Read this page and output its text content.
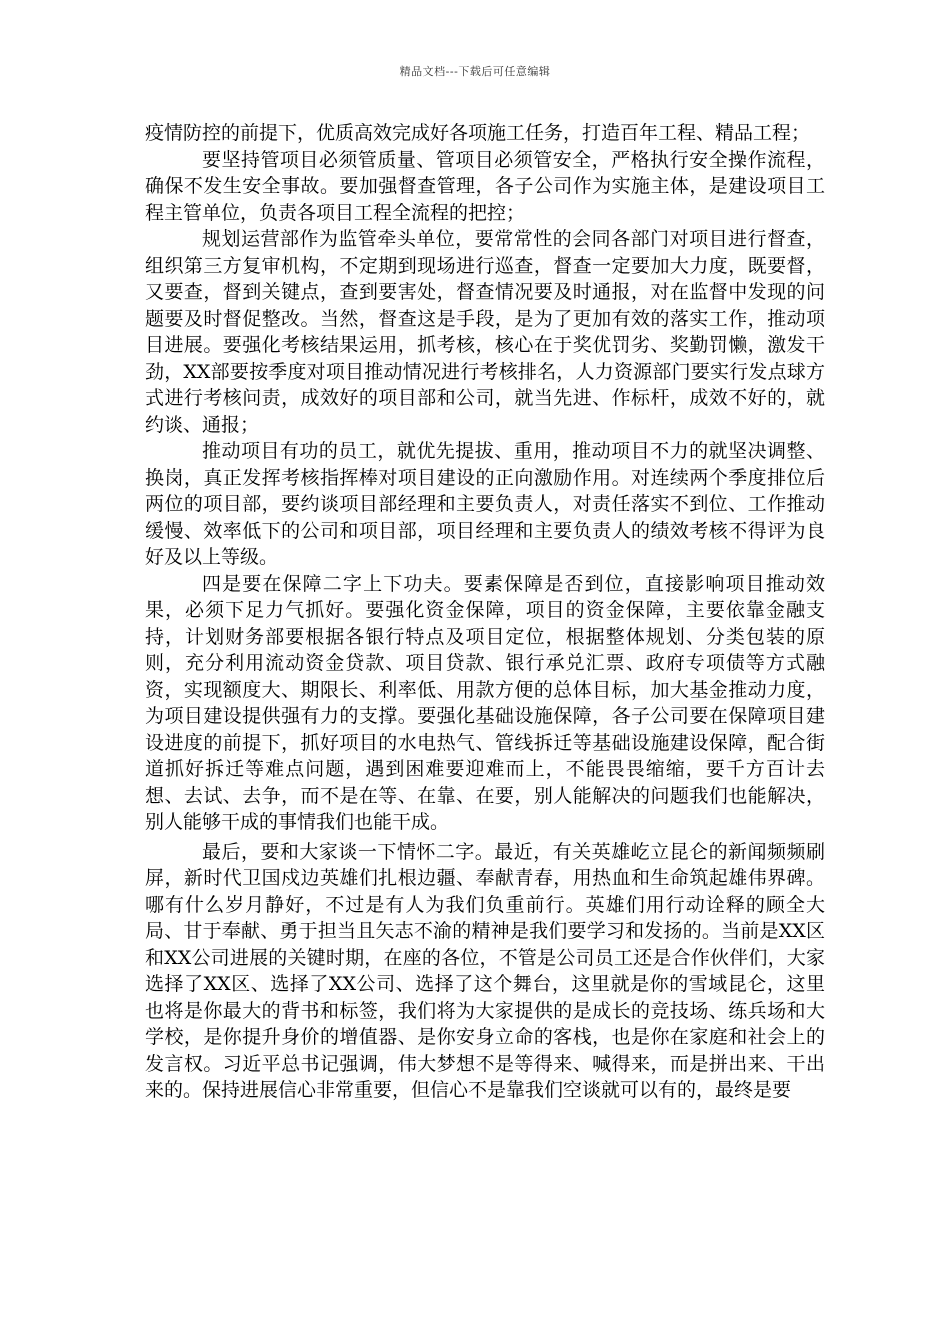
精品文档---下载后可任意编辑

疫情防控的前提下，优质高效完成好各项施工任务，打造百年工程、精品工程；

要坚持管项目必须管质量、管项目必须管安全，严格执行安全操作流程，确保不发生安全事故。要加强督查管理，各子公司作为实施主体，是建设项目工程主管单位，负责各项目工程全流程的把控；

规划运营部作为监管牵头单位，要常常性的会同各部门对项目进行督查，组织第三方复审机构，不定期到现场进行巡查，督查一定要加大力度，既要督，又要查，督到关键点，查到要害处，督查情况要及时通报，对在监督中发现的问题要及时督促整改。当然，督查这是手段，是为了更加有效的落实工作，推动项目进展。要强化考核结果运用，抓考核，核心在于奖优罚劣、奖勤罚懒，激发干劲，XX部要按季度对项目推动情况进行考核排名，人力资源部门要实行发点球方式进行考核问责，成效好的项目部和公司，就当先进、作标杆，成效不好的，就约谈、通报；

推动项目有功的员工，就优先提拔、重用，推动项目不力的就坚决调整、换岗，真正发挥考核指挥棒对项目建设的正向激励作用。对连续两个季度排位后两位的项目部，要约谈项目部经理和主要负责人，对责任落实不到位、工作推动缓慢、效率低下的公司和项目部，项目经理和主要负责人的绩效考核不得评为良好及以上等级。

四是要在保障二字上下功夫。要素保障是否到位，直接影响项目推动效果，必须下足力气抓好。要强化资金保障，项目的资金保障，主要依靠金融支持，计划财务部要根据各银行特点及项目定位，根据整体规划、分类包装的原则，充分利用流动资金贷款、项目贷款、银行承兑汇票、政府专项债等方式融资，实现额度大、期限长、利率低、用款方便的总体目标，加大基金推动力度，为项目建设提供强有力的支撑。要强化基础设施保障，各子公司要在保障项目建设进度的前提下，抓好项目的水电热气、管线拆迁等基础设施建设保障，配合街道抓好拆迁等难点问题，遇到困难要迎难而上，不能畏畏缩缩，要千方百计去想、去试、去争，而不是在等、在靠、在要，别人能解决的问题我们也能解决，别人能够干成的事情我们也能干成。

最后，要和大家谈一下情怀二字。最近，有关英雄屹立昆仑的新闻频频刷屏，新时代卫国戍边英雄们扎根边疆、奉献青春，用热血和生命筑起雄伟界碑。哪有什么岁月静好，不过是有人为我们负重前行。英雄们用行动诠释的顾全大局、甘于奉献、勇于担当且矢志不渝的精神是我们要学习和发扬的。当前是XX区和XX公司进展的关键时期，在座的各位，不管是公司员工还是合作伙伴们，大家选择了XX区、选择了XX公司、选择了这个舞台，这里就是你的雪域昆仑，这里也将是你最大的背书和标签，我们将为大家提供的是成长的竞技场、练兵场和大学校，是你提升身价的增值器、是你安身立命的客栈，也是你在家庭和社会上的发言权。习近平总书记强调，伟大梦想不是等得来、喊得来，而是拼出来、干出来的。保持进展信心非常重要，但信心不是靠我们空谈就可以有的，最终是要
